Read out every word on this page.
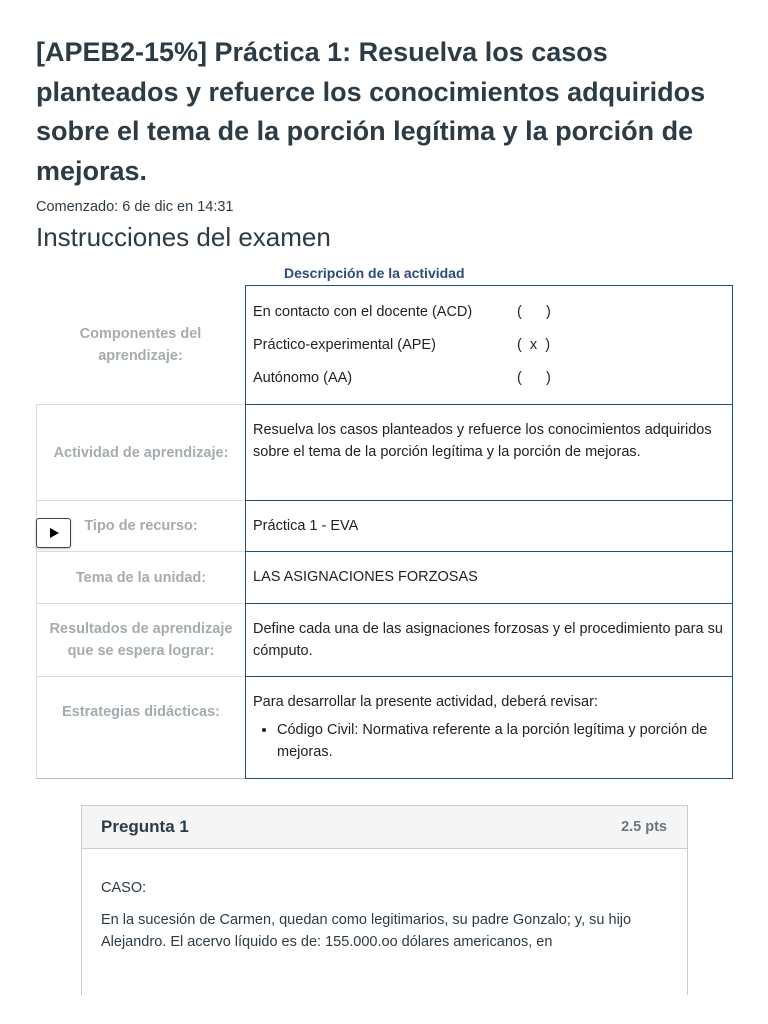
[APEB2-15%] Práctica 1: Resuelva los casos planteados y refuerce los conocimientos adquiridos sobre el tema de la porción legítima y la porción de mejoras.
Comenzado: 6 de dic en 14:31
Instrucciones del examen
Descripción de la actividad
Componentes del aprendizaje:
En contacto con el docente (ACD)	(      )
Práctico-experimental (APE)	(  x  )
Autónomo (AA)	(      )
Actividad de aprendizaje:
Resuelva los casos planteados y refuerce los conocimientos adquiridos sobre el tema de la porción legítima y la porción de mejoras.
Tipo de recurso:	Práctica 1 - EVA
Tema de la unidad:	LAS ASIGNACIONES FORZOSAS
Resultados de aprendizaje que se espera lograr:
Define cada una de las asignaciones forzosas y el procedimiento para su cómputo.
Estrategias didácticas:
Para desarrollar la presente actividad, deberá revisar:
• Código Civil: Normativa referente a la porción legítima y porción de mejoras.
Pregunta 1	2.5 pts

CASO:

En la sucesión de Carmen, quedan como legitimarios, su padre Gonzalo; y, su hijo Alejandro. El acervo líquido es de: 155.000.oo dólares americanos, en
